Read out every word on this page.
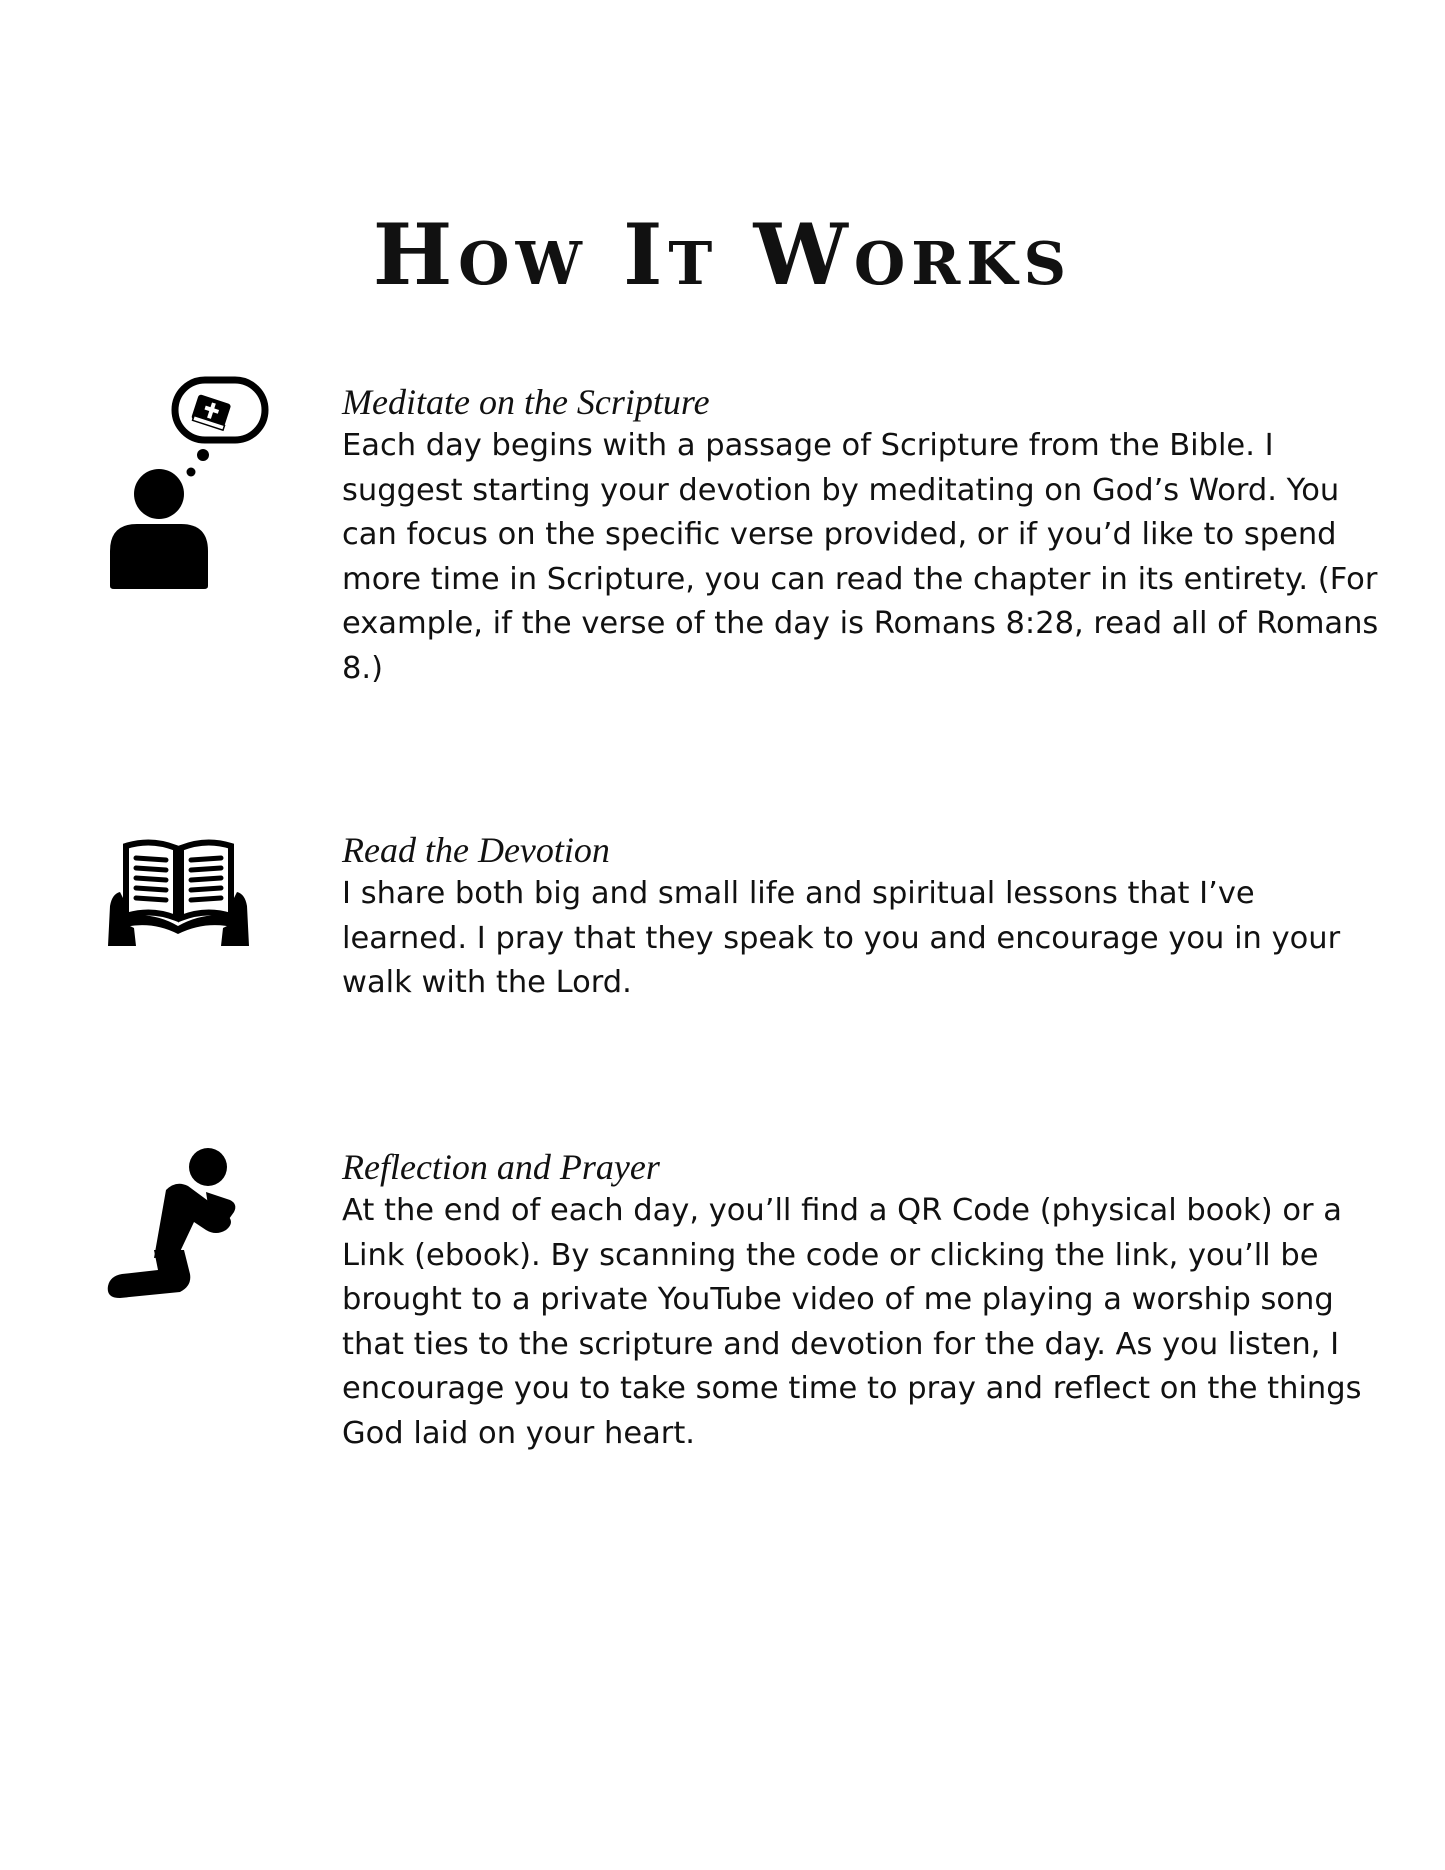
How It Works

Meditate on the Scripture

Each day begins with a passage of Scripture from the Bible. I suggest starting your devotion by meditating on God’s Word. You can focus on the specific verse provided, or if you’d like to spend more time in Scripture, you can read the chapter in its entirety. (For example, if the verse of the day is Romans 8:28, read all of Romans 8.)

Read the Devotion

I share both big and small life and spiritual lessons that I’ve learned. I pray that they speak to you and encourage you in your walk with the Lord.

Reflection and Prayer

At the end of each day, you’ll find a QR Code (physical book) or a Link (ebook). By scanning the code or clicking the link, you’ll be brought to a private YouTube video of me playing a worship song that ties to the scripture and devotion for the day. As you listen, I encourage you to take some time to pray and reflect on the things God laid on your heart.
